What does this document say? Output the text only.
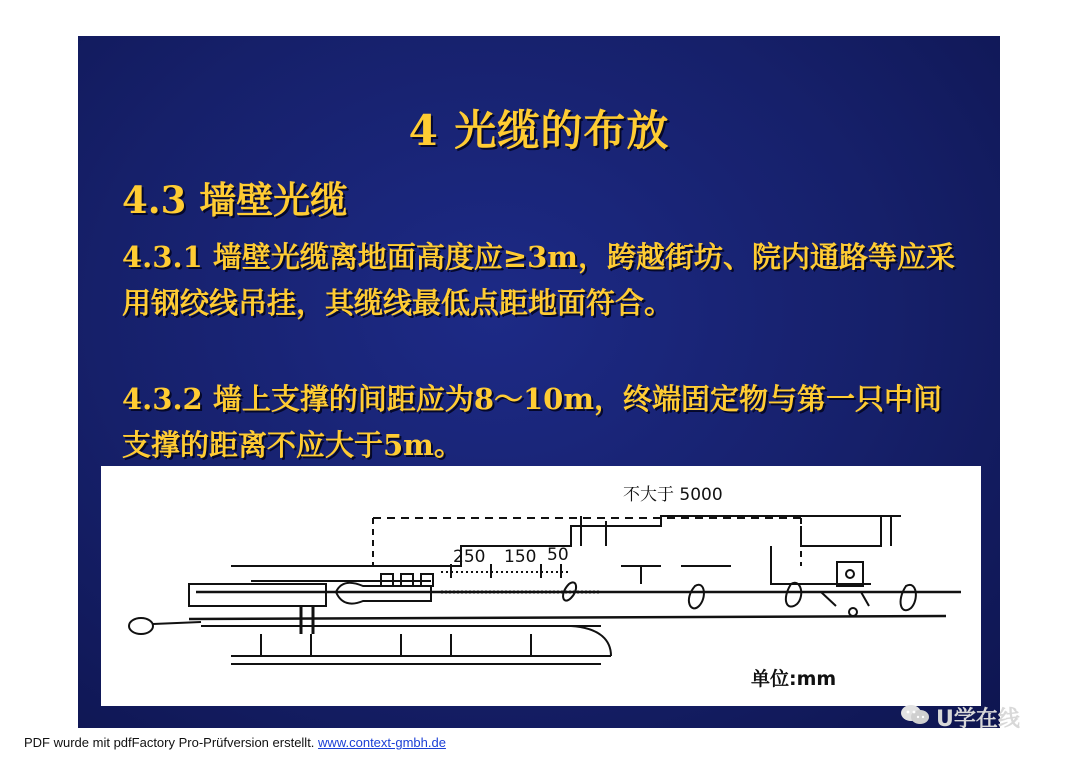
4 光缆的布放
4.3 墙壁光缆
4.3.1 墙壁光缆离地面高度应≥3m，跨越街坊、院内通路等应采用钢绞线吊挂，其缆线最低点距地面符合。
4.3.2 墙上支撑的间距应为8～10m，终端固定物与第一只中间支撑的距离不应大于5m。
不大于 5000
250 150 50
单位:mm
PDF wurde mit pdfFactory Pro-Prüfversion erstellt. www.context-gmbh.de
U学在线
